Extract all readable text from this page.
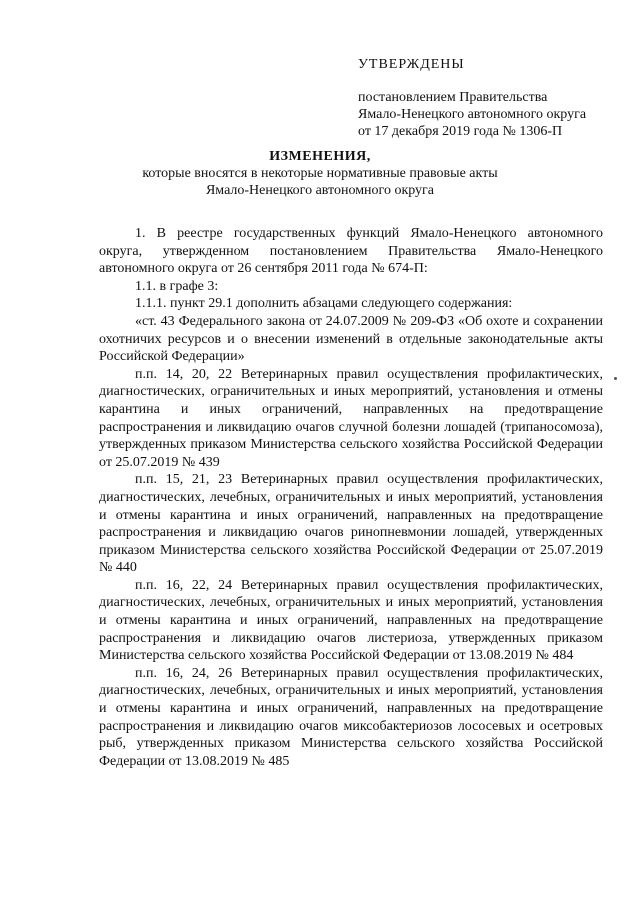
УТВЕРЖДЕНЫ
постановлением Правительства
Ямало-Ненецкого автономного округа
от 17 декабря 2019 года № 1306-П
ИЗМЕНЕНИЯ,
которые вносятся в некоторые нормативные правовые акты
Ямало-Ненецкого автономного округа

1. В реестре государственных функций Ямало-Ненецкого автономного округа, утвержденном постановлением Правительства Ямало-Ненецкого автономного округа от 26 сентября 2011 года № 674-П:

1.1. в графе 3:

1.1.1. пункт 29.1 дополнить абзацами следующего содержания:

«ст. 43 Федерального закона от 24.07.2009 № 209-ФЗ «Об охоте и сохранении охотничих ресурсов и о внесении изменений в отдельные законодательные акты Российской Федерации»

п.п. 14, 20, 22 Ветеринарных правил осуществления профилактических, диагностических, ограничительных и иных мероприятий, установления и отмены карантина и иных ограничений, направленных на предотвращение распространения и ликвидацию очагов случной болезни лошадей (трипаносомоза), утвержденных приказом Министерства сельского хозяйства Российской Федерации от 25.07.2019 № 439

п.п. 15, 21, 23 Ветеринарных правил осуществления профилактических, диагностических, лечебных, ограничительных и иных мероприятий, установления и отмены карантина и иных ограничений, направленных на предотвращение распространения и ликвидацию очагов ринопневмонии лошадей, утвержденных приказом Министерства сельского хозяйства Российской Федерации от 25.07.2019 № 440

п.п. 16, 22, 24 Ветеринарных правил осуществления профилактических, диагностических, лечебных, ограничительных и иных мероприятий, установления и отмены карантина и иных ограничений, направленных на предотвращение распространения и ликвидацию очагов листериоза, утвержденных приказом Министерства сельского хозяйства Российской Федерации от 13.08.2019 № 484

п.п. 16, 24, 26 Ветеринарных правил осуществления профилактических, диагностических, лечебных, ограничительных и иных мероприятий, установления и отмены карантина и иных ограничений, направленных на предотвращение распространения и ликвидацию очагов миксобактериозов лососевых и осетровых рыб, утвержденных приказом Министерства сельского хозяйства Российской Федерации от 13.08.2019 № 485
